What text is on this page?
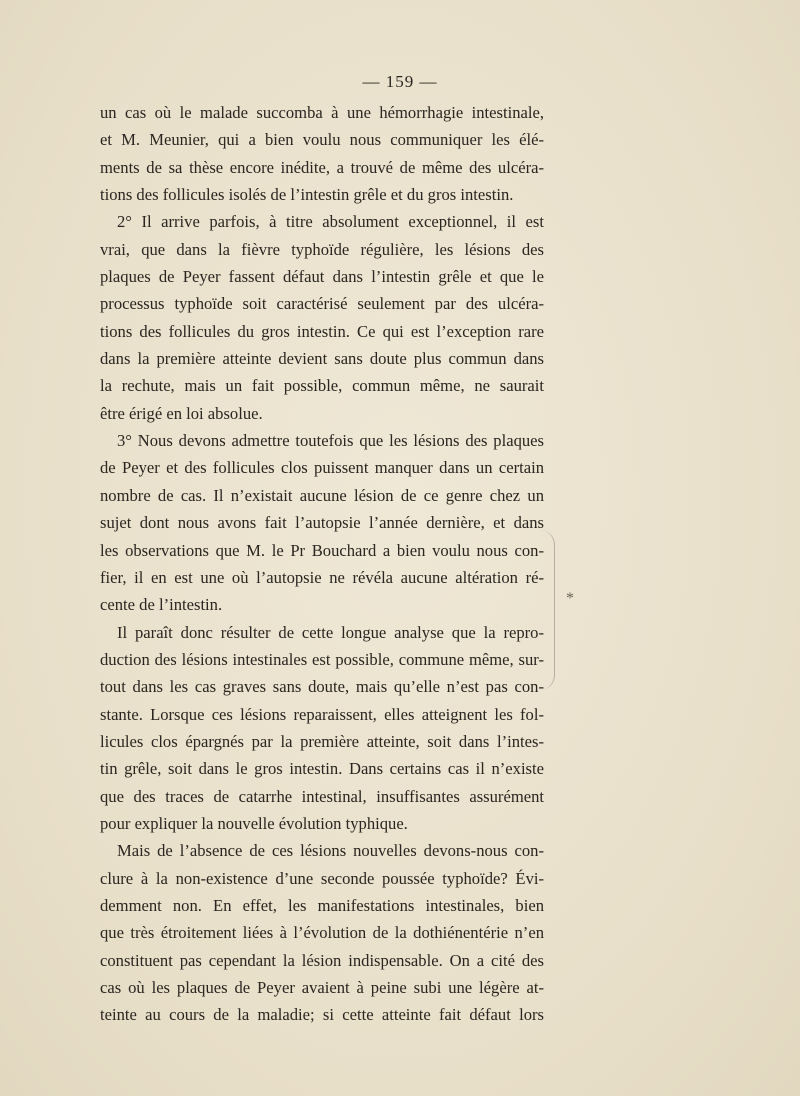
— 159 —
un cas où le malade succomba à une hémorrhagie intestinale,
et M. Meunier, qui a bien voulu nous communiquer les élé-
ments de sa thèse encore inédite, a trouvé de même des ulcéra-
tions des follicules isolés de l’intestin grêle et du gros intestin.
2° Il arrive parfois, à titre absolument exceptionnel, il est
vrai, que dans la fièvre typhoïde régulière, les lésions des
plaques de Peyer fassent défaut dans l’intestin grêle et que le
processus typhoïde soit caractérisé seulement par des ulcéra-
tions des follicules du gros intestin. Ce qui est l’exception rare
dans la première atteinte devient sans doute plus commun dans
la rechute, mais un fait possible, commun même, ne saurait
être érigé en loi absolue.
3° Nous devons admettre toutefois que les lésions des plaques
de Peyer et des follicules clos puissent manquer dans un certain
nombre de cas. Il n’existait aucune lésion de ce genre chez un
sujet dont nous avons fait l’autopsie l’année dernière, et dans
les observations que M. le Pr Bouchard a bien voulu nous con-
fier, il en est une où l’autopsie ne révéla aucune altération ré-
cente de l’intestin.
Il paraît donc résulter de cette longue analyse que la repro-
duction des lésions intestinales est possible, commune même, sur-
tout dans les cas graves sans doute, mais qu’elle n’est pas con-
stante. Lorsque ces lésions reparaissent, elles atteignent les fol-
licules clos épargnés par la première atteinte, soit dans l’intes-
tin grêle, soit dans le gros intestin. Dans certains cas il n’existe
que des traces de catarrhe intestinal, insuffisantes assurément
pour expliquer la nouvelle évolution typhique.
Mais de l’absence de ces lésions nouvelles devons-nous con-
clure à la non-existence d’une seconde poussée typhoïde? Évi-
demment non. En effet, les manifestations intestinales, bien
que très étroitement liées à l’évolution de la dothiénentérie n’en
constituent pas cependant la lésion indispensable. On a cité des
cas où les plaques de Peyer avaient à peine subi une légère at-
teinte au cours de la maladie; si cette atteinte fait défaut lors
*
